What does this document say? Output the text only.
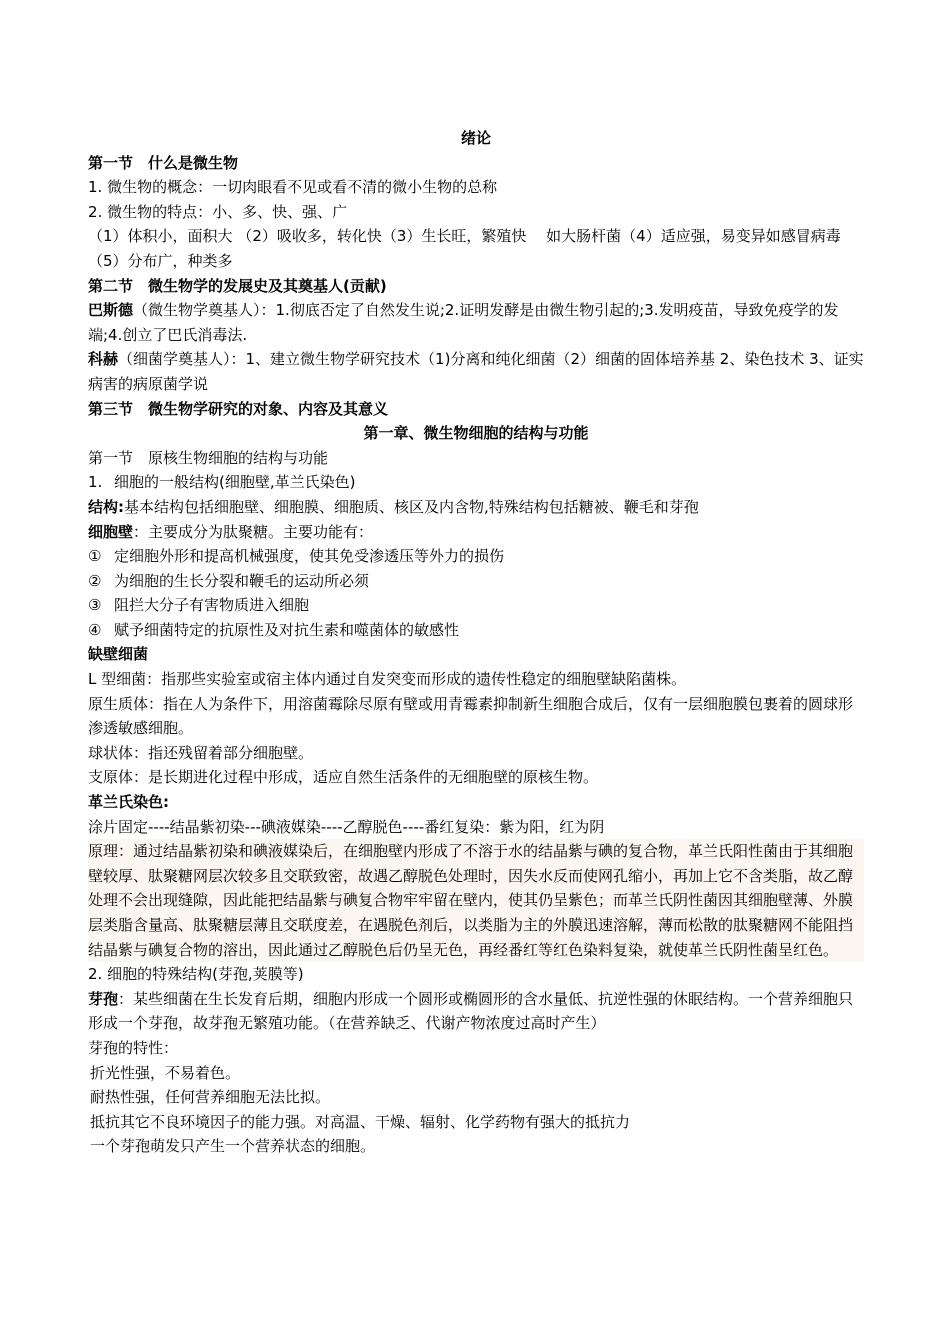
绪论
第一节　什么是微生物
1. 微生物的概念：一切肉眼看不见或看不清的微小生物的总称
2. 微生物的特点：小、多、快、强、广
（1）体积小，面积大 （2）吸收多，转化快（3）生长旺，繁殖快　 如大肠杆菌（4）适应强，易变异如感冒病毒（5）分布广，种类多
第二节　微生物学的发展史及其奠基人(贡献)
巴斯德（微生物学奠基人）：1.彻底否定了自然发生说;2.证明发酵是由微生物引起的;3.发明疫苗，导致免疫学的发端;4.创立了巴氏消毒法.
科赫（细菌学奠基人）：1、建立微生物学研究技术（1)分离和纯化细菌（2）细菌的固体培养基 2、染色技术 3、证实病害的病原菌学说
第三节　微生物学研究的对象、内容及其意义
第一章、微生物细胞的结构与功能
第一节　原核生物细胞的结构与功能
1. 细胞的一般结构(细胞壁,革兰氏染色)
结构:基本结构包括细胞壁、细胞膜、细胞质、核区及内含物,特殊结构包括糖被、鞭毛和芽孢
细胞壁：主要成分为肽聚糖。主要功能有：
① 定细胞外形和提高机械强度，使其免受渗透压等外力的损伤
② 为细胞的生长分裂和鞭毛的运动所必须
③ 阻拦大分子有害物质进入细胞
④ 赋予细菌特定的抗原性及对抗生素和噬菌体的敏感性
缺壁细菌
L 型细菌：指那些实验室或宿主体内通过自发突变而形成的遗传性稳定的细胞壁缺陷菌株。
原生质体：指在人为条件下，用溶菌霉除尽原有壁或用青霉素抑制新生细胞合成后，仅有一层细胞膜包裹着的圆球形渗透敏感细胞。
球状体：指还残留着部分细胞壁。
支原体：是长期进化过程中形成，适应自然生活条件的无细胞壁的原核生物。
革兰氏染色:
涂片固定----结晶紫初染---碘液媒染----乙醇脱色----番红复染：紫为阳，红为阴
原理：通过结晶紫初染和碘液媒染后，在细胞壁内形成了不溶于水的结晶紫与碘的复合物，革兰氏阳性菌由于其细胞壁较厚、肽聚糖网层次较多且交联致密，故遇乙醇脱色处理时，因失水反而使网孔缩小，再加上它不含类脂，故乙醇处理不会出现缝隙，因此能把结晶紫与碘复合物牢牢留在壁内，使其仍呈紫色；而革兰氏阴性菌因其细胞壁薄、外膜层类脂含量高、肽聚糖层薄且交联度差，在遇脱色剂后，以类脂为主的外膜迅速溶解，薄而松散的肽聚糖网不能阻挡结晶紫与碘复合物的溶出，因此通过乙醇脱色后仍呈无色，再经番红等红色染料复染，就使革兰氏阴性菌呈红色。
2. 细胞的特殊结构(芽孢,荚膜等)
芽孢：某些细菌在生长发育后期，细胞内形成一个圆形或椭圆形的含水量低、抗逆性强的休眠结构。一个营养细胞只形成一个芽孢，故芽孢无繁殖功能。（在营养缺乏、代谢产物浓度过高时产生）
芽孢的特性：
折光性强，不易着色。
耐热性强，任何营养细胞无法比拟。
抵抗其它不良环境因子的能力强。对高温、干燥、辐射、化学药物有强大的抵抗力
一个芽孢萌发只产生一个营养状态的细胞。
